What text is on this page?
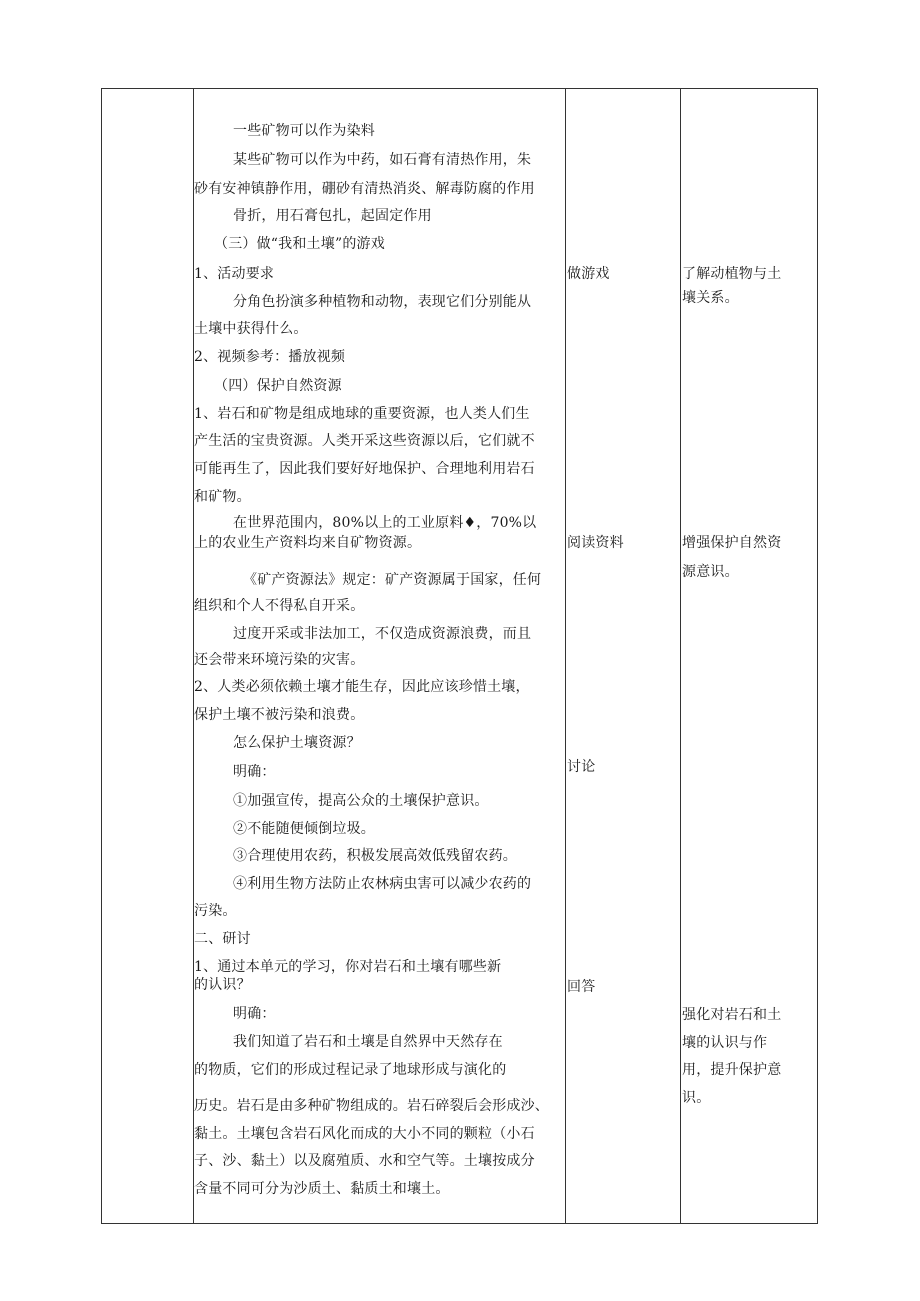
一些矿物可以作为染料
某些矿物可以作为中药，如石膏有清热作用，朱
砂有安神镇静作用，硼砂有清热消炎、解毒防腐的作用
骨折，用石膏包扎，起固定作用
（三）做“我和土壤”的游戏
1、活动要求
分角色扮演多种植物和动物，表现它们分别能从
土壤中获得什么。
2、视频参考：播放视频
（四）保护自然资源
1、岩石和矿物是组成地球的重要资源，也人类人们生
产生活的宝贵资源。人类开采这些资源以后，它们就不
可能再生了，因此我们要好好地保护、合理地利用岩石
和矿物。
在世界范围内，80%以上的工业原料♦，70%以
上的农业生产资料均来自矿物资源。
《矿产资源法》规定：矿产资源属于国家，任何
组织和个人不得私自开采。
过度开采或非法加工，不仅造成资源浪费，而且
还会带来环境污染的灾害。
2、人类必须依赖土壤才能生存，因此应该珍惜土壤，
保护土壤不被污染和浪费。
怎么保护土壤资源？
明确：
①加强宣传，提高公众的土壤保护意识。
②不能随便倾倒垃圾。
③合理使用农药，积极发展高效低残留农药。
④利用生物方法防止农林病虫害可以减少农药的
污染。
二、研讨
1、通过本单元的学习，你对岩石和土壤有哪些新
的认识？
明确：
我们知道了岩石和土壤是自然界中天然存在
的物质，它们的形成过程记录了地球形成与演化的
历史。岩石是由多种矿物组成的。岩石碎裂后会形成沙、
黏土。土壤包含岩石风化而成的大小不同的颗粒（小石
子、沙、黏土）以及腐殖质、水和空气等。土壤按成分
含量不同可分为沙质土、黏质土和壤土。
做游戏
阅读资料
讨论
回答
了解动植物与土
壤关系。
增强保护自然资
源意识。
强化对岩石和土
壤的认识与作
用，提升保护意
识。
